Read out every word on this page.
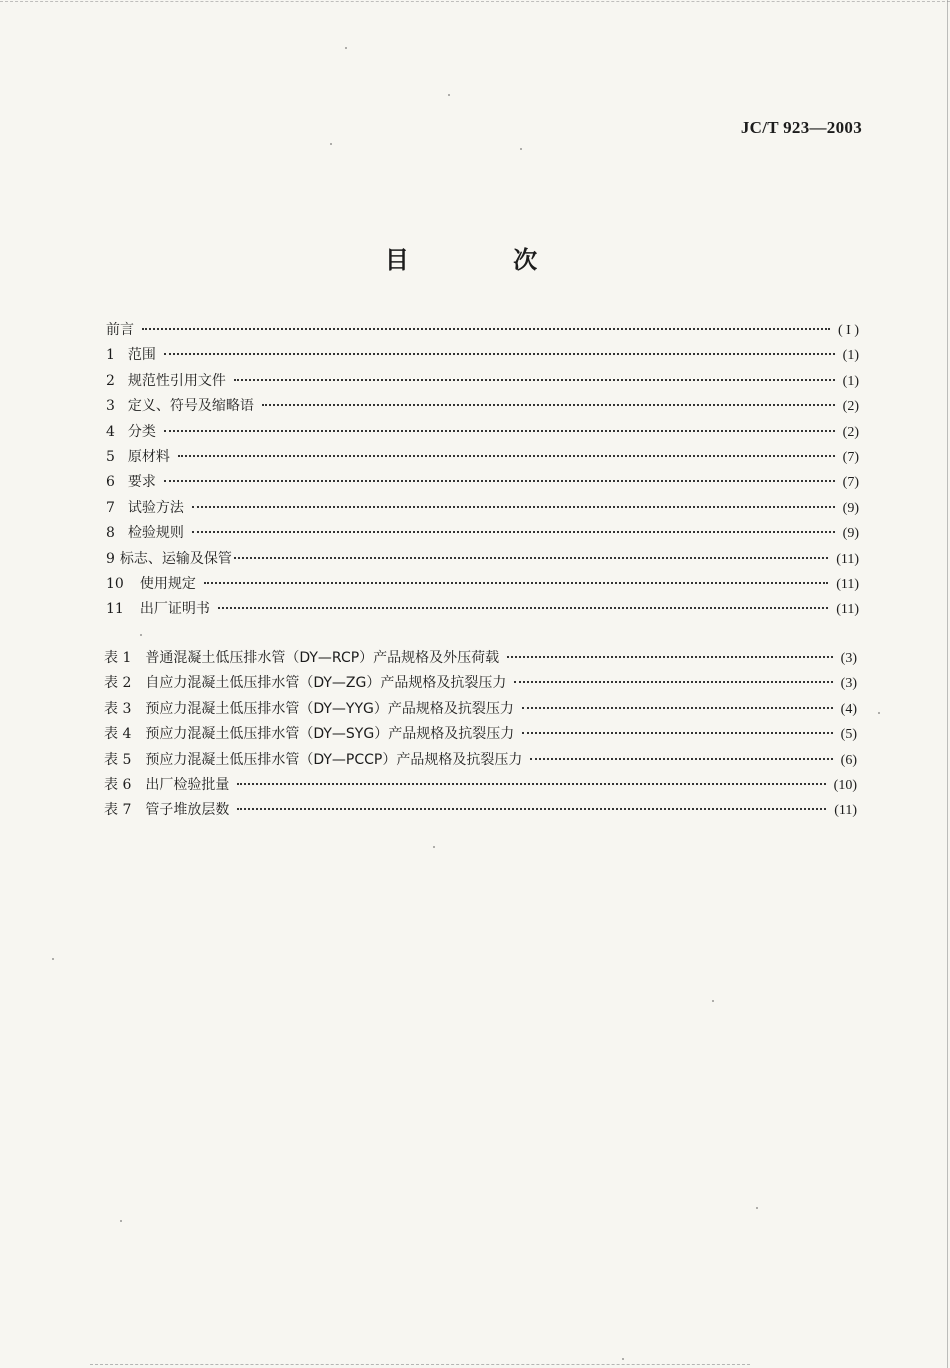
JC/T 923—2003
目 次
前言	( I )
1 范围	(1)
2 规范性引用文件	(1)
3 定义、符号及缩略语	(2)
4 分类	(2)
5 原材料	(7)
6 要求	(7)
7 试验方法	(9)
8 检验规则	(9)
9 标志、运输及保管	(11)
10 使用规定	(11)
11 出厂证明书	(11)
表 1 普通混凝土低压排水管（DY—RCP）产品规格及外压荷载	(3)
表 2 自应力混凝土低压排水管（DY—ZG）产品规格及抗裂压力	(3)
表 3 预应力混凝土低压排水管（DY—YYG）产品规格及抗裂压力	(4)
表 4 预应力混凝土低压排水管（DY—SYG）产品规格及抗裂压力	(5)
表 5 预应力混凝土低压排水管（DY—PCCP）产品规格及抗裂压力	(6)
表 6 出厂检验批量	(10)
表 7 管子堆放层数	(11)
